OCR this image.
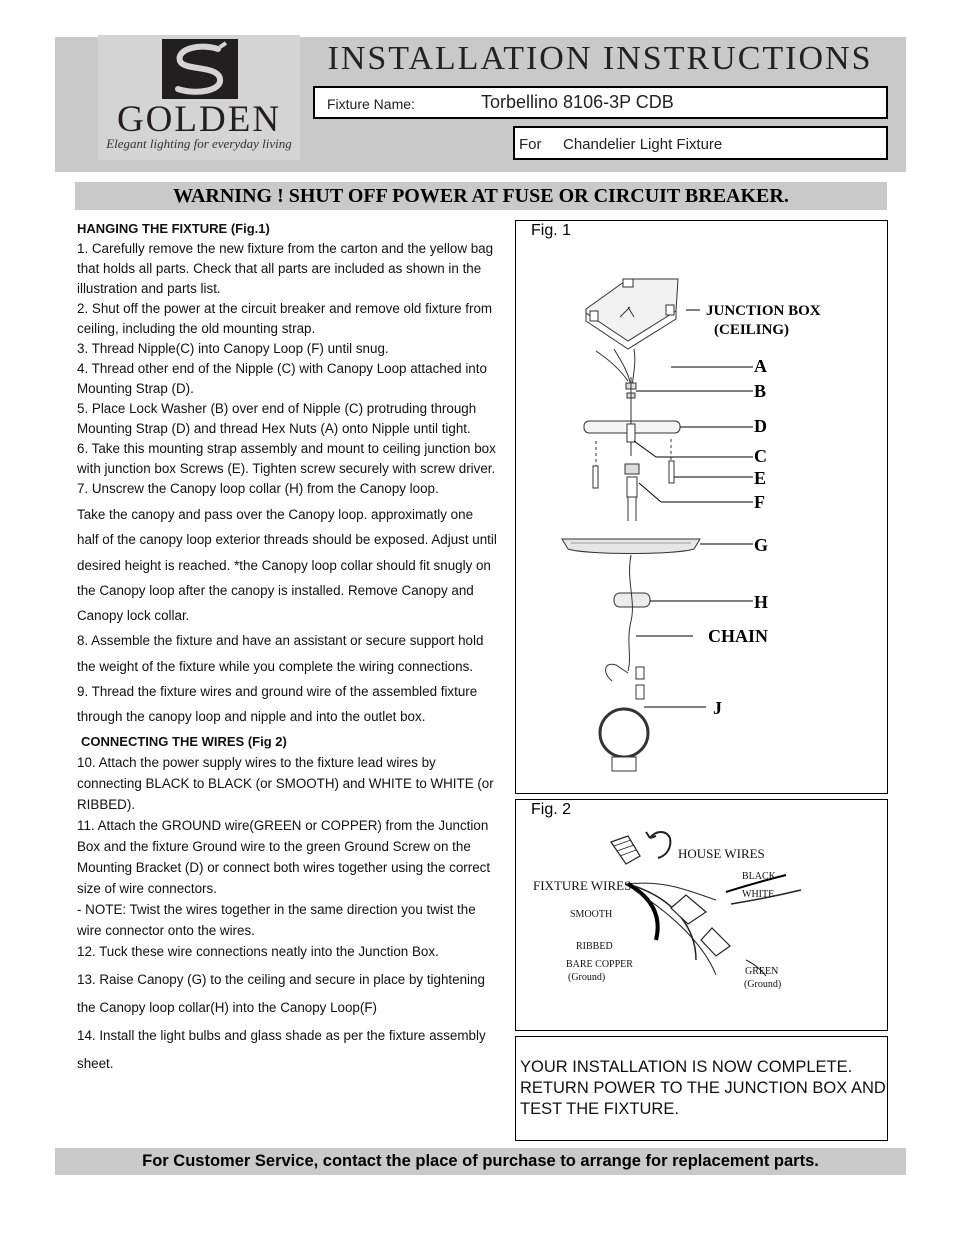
GOLDEN
Elegant lighting for everyday living
INSTALLATION INSTRUCTIONS
Fixture Name:	Torbellino 8106-3P CDB
For Chandelier Light Fixture
WARNING ! SHUT OFF POWER AT FUSE OR CIRCUIT BREAKER.

HANGING THE FIXTURE (Fig.1)

1. Carefully remove the new fixture from the carton and the yellow bag that holds all parts. Check that all parts are included as shown in the illustration and parts list.

2. Shut off the power at the circuit breaker and remove old fixture from ceiling, including the old mounting strap.

3. Thread Nipple(C) into Canopy Loop (F) until snug.

4. Thread other end of the Nipple (C) with Canopy Loop attached into Mounting Strap (D).

5. Place Lock Washer (B) over end of Nipple (C) protruding through Mounting Strap (D) and thread Hex Nuts (A) onto Nipple until tight.

6. Take this mounting strap assembly and mount to ceiling junction box with junction box Screws (E). Tighten screw securely with screw driver.

7. Unscrew the Canopy loop collar (H) from the Canopy loop.

Take the canopy and pass over the Canopy loop. approximatly one half of the canopy loop exterior threads should be exposed. Adjust until desired height is reached. *the Canopy loop collar should fit snugly on the Canopy loop after the canopy is installed. Remove Canopy and Canopy lock collar.

8. Assemble the fixture and have an assistant or secure support hold the weight of the fixture while you complete the wiring connections.

9. Thread the fixture wires and ground wire of the assembled fixture through the canopy loop and nipple and into the outlet box.

CONNECTING THE WIRES (Fig 2)

10. Attach the power supply wires to the fixture lead wires by connecting BLACK to BLACK (or SMOOTH) and WHITE to WHITE (or RIBBED).

11. Attach the GROUND wire(GREEN or COPPER) from the Junction Box and the fixture Ground wire to the green Ground Screw on the Mounting Bracket (D) or connect both wires together using the correct size of wire connectors.

- NOTE: Twist the wires together in the same direction you twist the wire connector onto the wires.

12. Tuck these wire connections neatly into the Junction Box.

13. Raise Canopy (G) to the ceiling and secure in place by tightening the Canopy loop collar(H) into the Canopy Loop(F)

14. Install the light bulbs and glass shade as per the fixture assembly sheet.

Fig. 1
JUNCTION BOX
(CEILING)
A
B
D
C
E
F
G
H
CHAIN
J
Fig. 2
HOUSE WIRES
FIXTURE WIRES
BLACK
WHITE
SMOOTH
RIBBED
BARE COPPER
(Ground)
GREEN
(Ground)
YOUR INSTALLATION IS NOW COMPLETE. RETURN POWER TO THE JUNCTION BOX AND TEST THE FIXTURE.
For Customer Service, contact the place of purchase to arrange for replacement parts.
